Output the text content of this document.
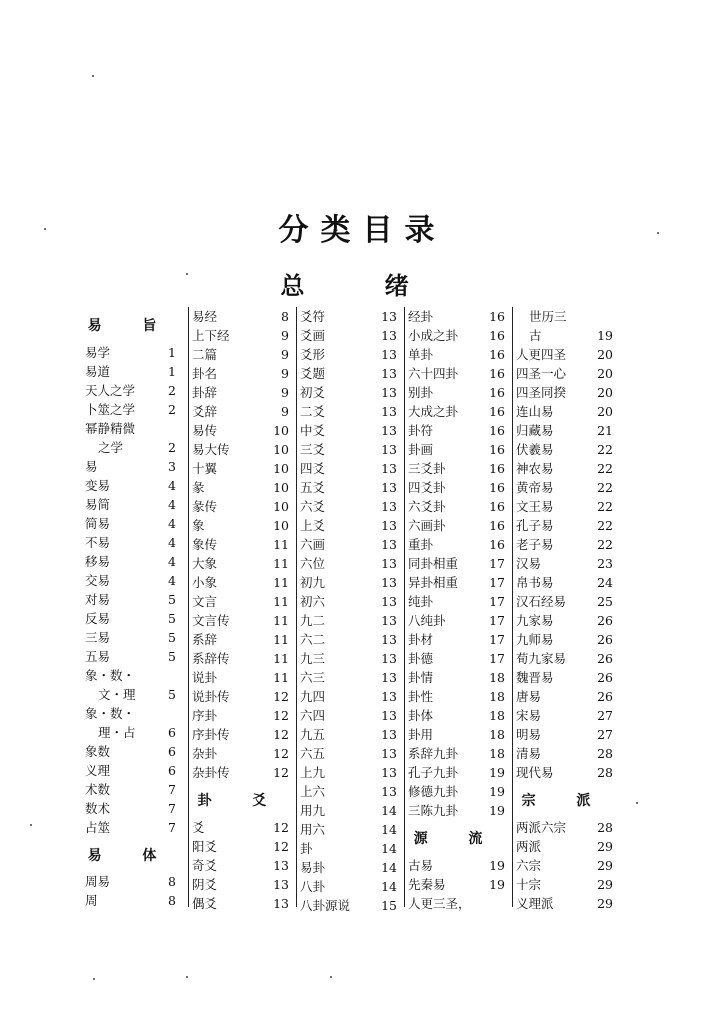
分类目录
总 绪
易 旨
易学	1
易道	1
天人之学	2
卜筮之学	2
幂静精微
之学	2
易	3
变易	4
易简	4
简易	4
不易	4
移易	4
交易	4
对易	5
反易	5
三易	5
五易	5
象・数・
文・理	5
象・数・
理・占	6
象数	6
义理	6
术数	7
数术	7
占筮	7
易 体
周易	8
周	8
易经	8
上下经	9
二篇	9
卦名	9
卦辞	9
爻辞	9
易传	10
易大传	10
十翼	10
彖	10
彖传	10
象	10
象传	11
大象	11
小象	11
文言	11
文言传	11
系辞	11
系辞传	11
说卦	11
说卦传	12
序卦	12
序卦传	12
杂卦	12
杂卦传	12
卦 爻
爻	12
阳爻	12
奇爻	13
阴爻	13
偶爻	13
爻符	13
爻画	13
爻形	13
爻题	13
初爻	13
二爻	13
中爻	13
三爻	13
四爻	13
五爻	13
六爻	13
上爻	13
六画	13
六位	13
初九	13
初六	13
九二	13
六二	13
九三	13
六三	13
九四	13
六四	13
九五	13
六五	13
上九	13
上六	13
用九	14
用六	14
卦	14
易卦	14
八卦	14
八卦源说 15
经卦	16
小成之卦 16
单卦	16
六十四卦 16
别卦	16
大成之卦 16
卦符	16
卦画	16
三爻卦	16
四爻卦	16
六爻卦	16
六画卦	16
重卦	16
同卦相重 17
异卦相重 17
纯卦	17
八纯卦	17
卦材	17
卦德	17
卦情	18
卦性	18
卦体	18
卦用	18
系辞九卦 18
孔子九卦 19
修德九卦 19
三陈九卦 19
源 流
古易	19
先秦易	19
人更三圣，
世历三
古	19
人更四圣 20
四圣一心 20
四圣同揆 20
连山易	20
归藏易	21
伏羲易	22
神农易	22
黄帝易	22
文王易	22
孔子易	22
老子易	22
汉易	23
帛书易	24
汉石经易 25
九家易	26
九师易	26
荀九家易 26
魏晋易	26
唐易	26
宋易	27
明易	27
清易	28
现代易	28
宗 派
两派六宗 28
两派	29
六宗	29
十宗	29
义理派	29
